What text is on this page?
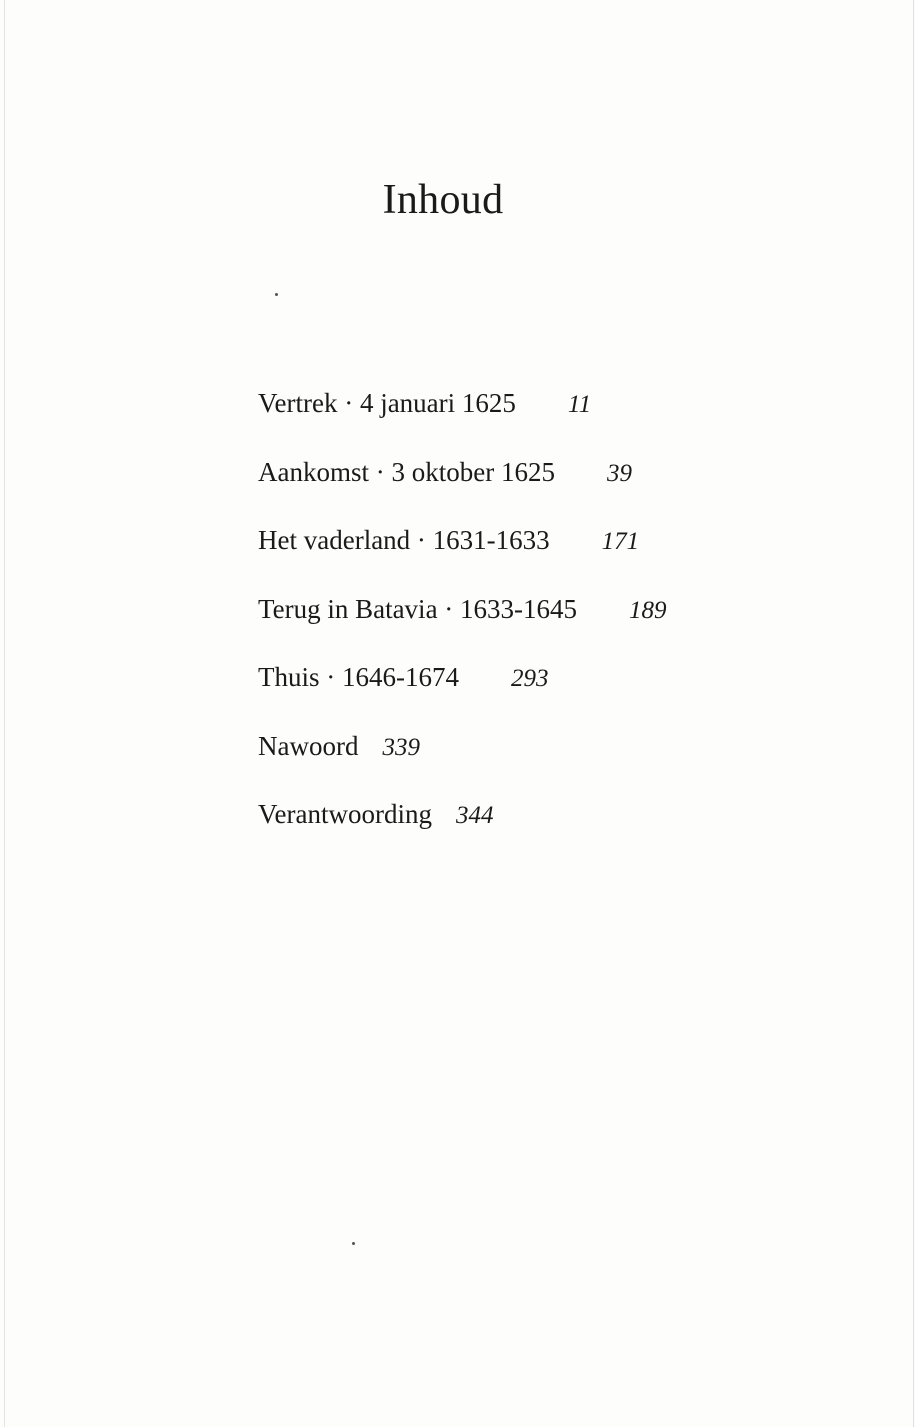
Inhoud
Vertrek · 4 januari 1625 11
Aankomst · 3 oktober 1625 39
Het vaderland · 1631-1633 171
Terug in Batavia · 1633-1645 189
Thuis · 1646-1674 293
Nawoord 339
Verantwoording 344
